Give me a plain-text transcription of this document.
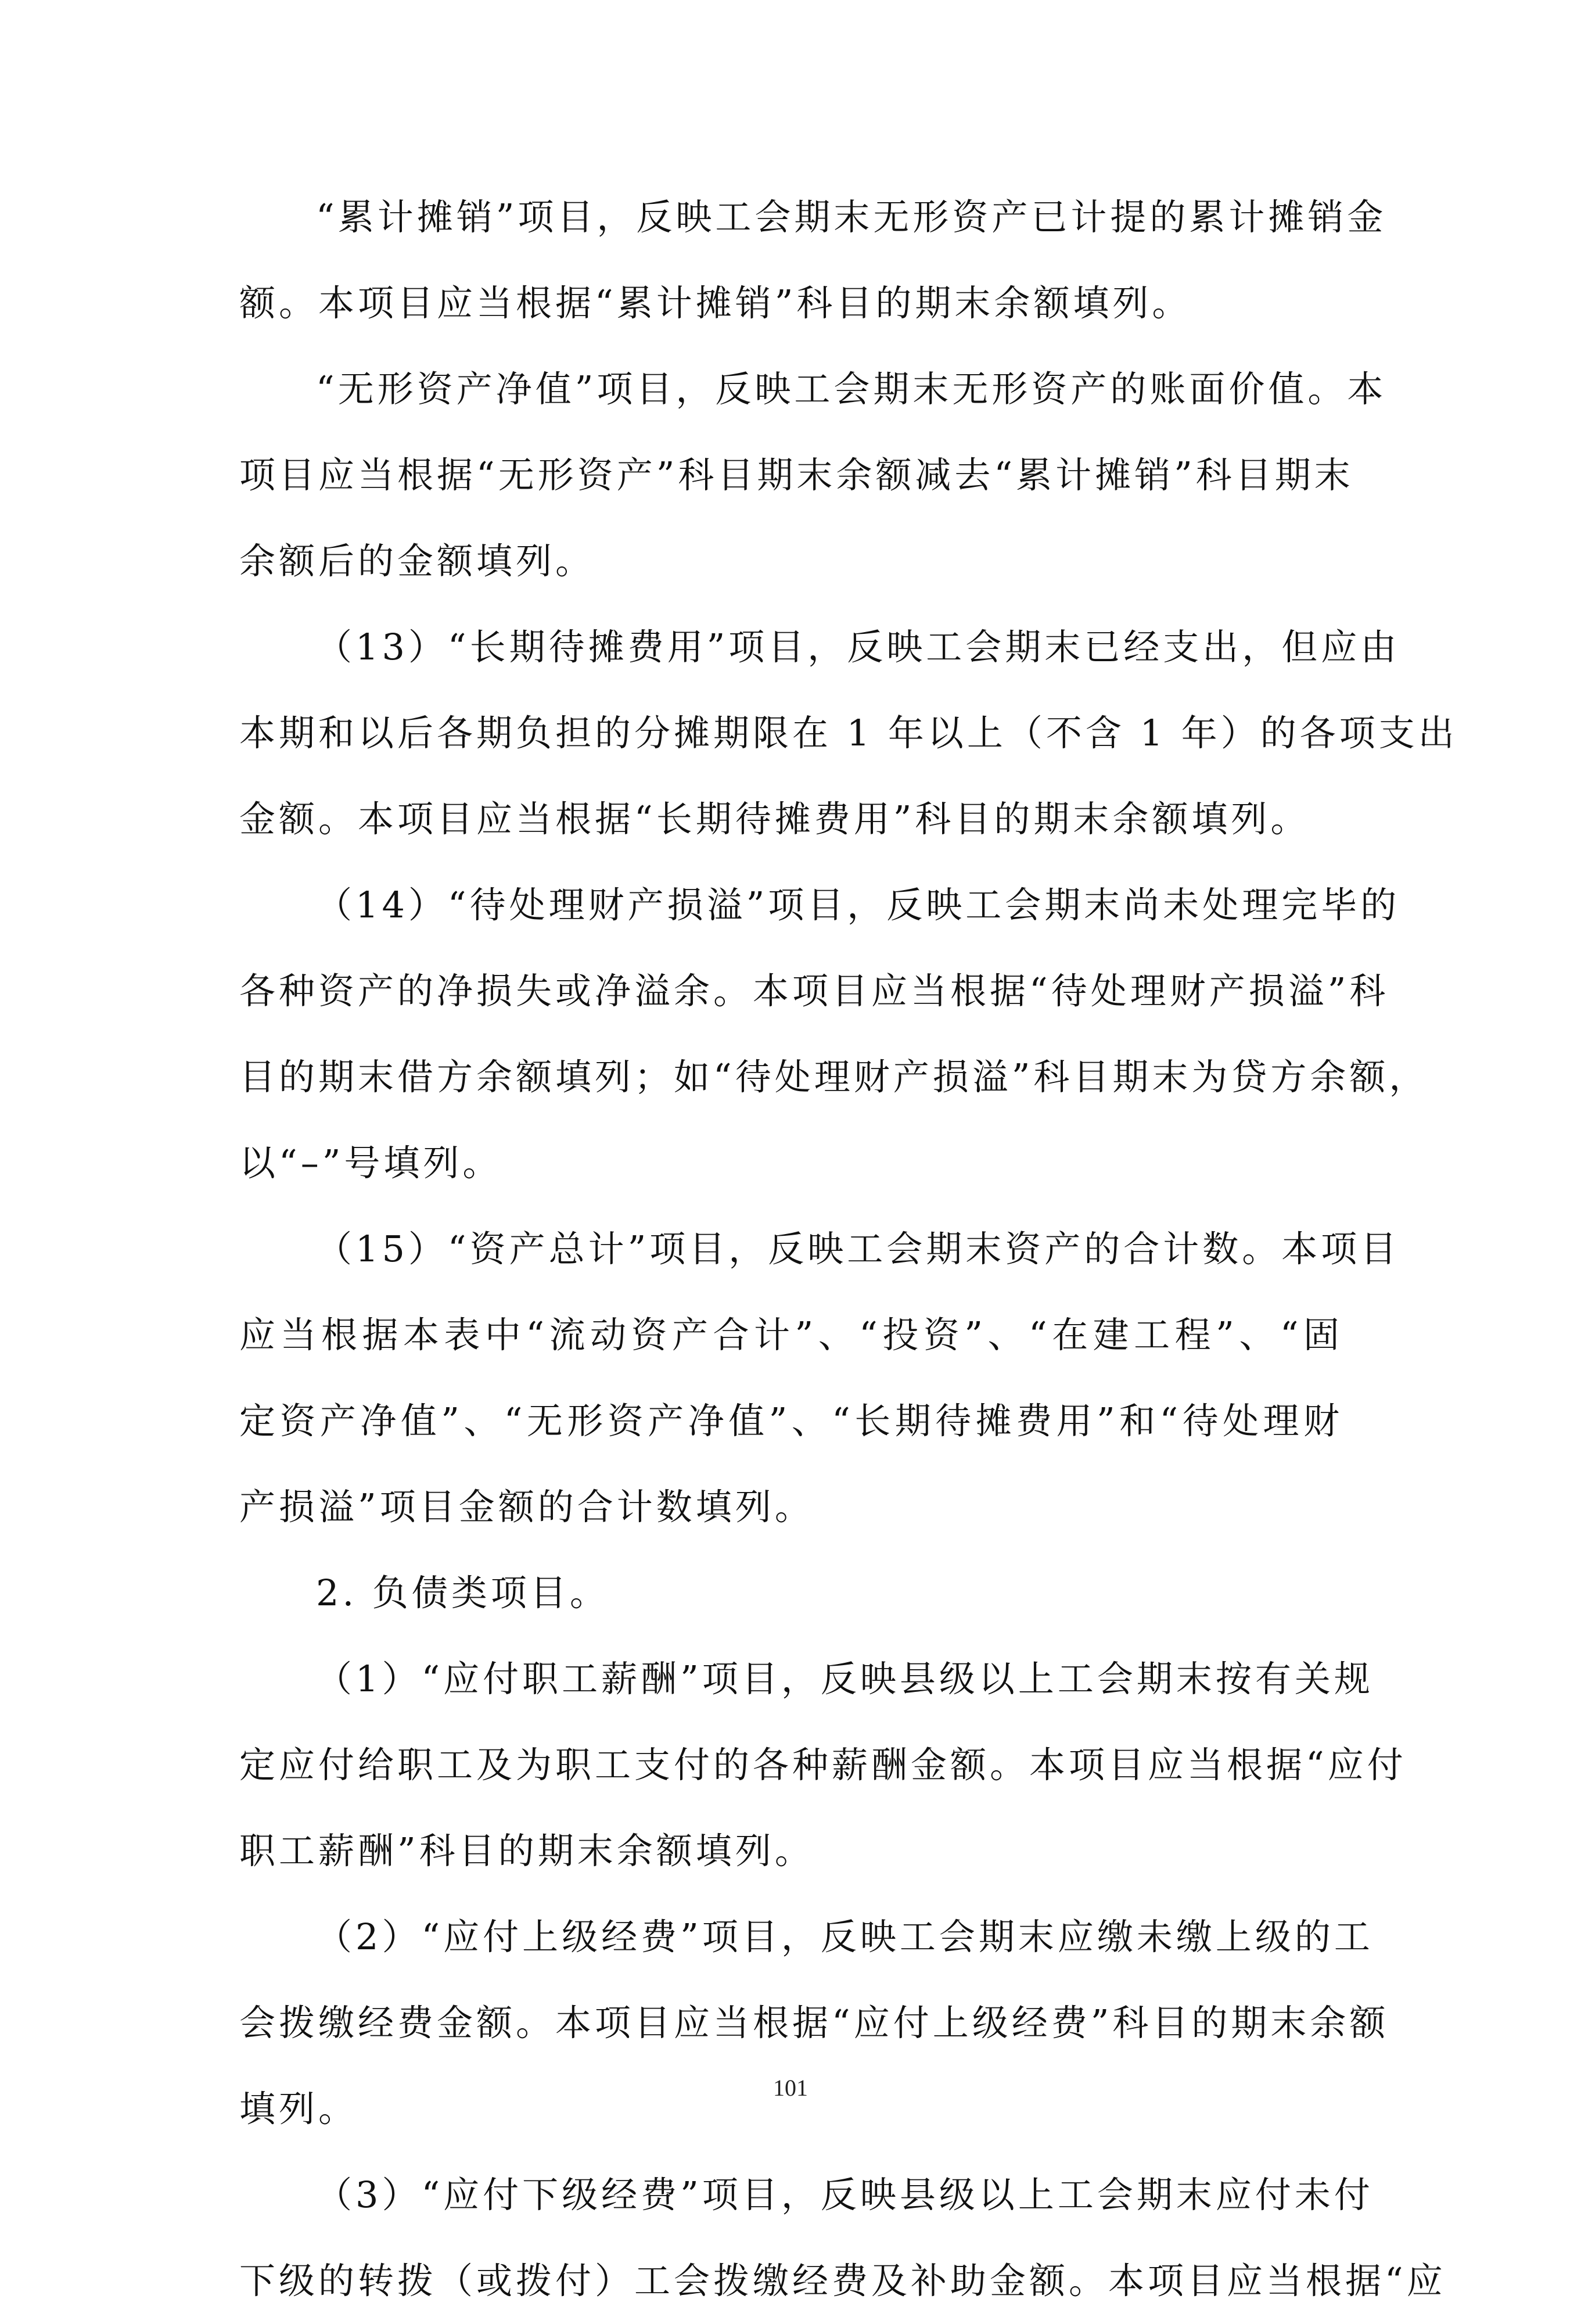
“累计摊销”项目，反映工会期末无形资产已计提的累计摊销金
额。本项目应当根据“累计摊销”科目的期末余额填列。
“无形资产净值”项目，反映工会期末无形资产的账面价值。本
项目应当根据“无形资产”科目期末余额减去“累计摊销”科目期末
余额后的金额填列。
（13）“长期待摊费用”项目，反映工会期末已经支出，但应由
本期和以后各期负担的分摊期限在 1 年以上（不含 1 年）的各项支出
金额。本项目应当根据“长期待摊费用”科目的期末余额填列。
（14）“待处理财产损溢”项目，反映工会期末尚未处理完毕的
各种资产的净损失或净溢余。本项目应当根据“待处理财产损溢”科
目的期末借方余额填列；如“待处理财产损溢”科目期末为贷方余额，
以“–”号填列。
（15）“资产总计”项目，反映工会期末资产的合计数。本项目
应当根据本表中“流动资产合计”、“投资”、“在建工程”、“固
定资产净值”、“无形资产净值”、“长期待摊费用”和“待处理财
产损溢”项目金额的合计数填列。
2. 负债类项目。
（1）“应付职工薪酬”项目，反映县级以上工会期末按有关规
定应付给职工及为职工支付的各种薪酬金额。本项目应当根据“应付
职工薪酬”科目的期末余额填列。
（2）“应付上级经费”项目，反映工会期末应缴未缴上级的工
会拨缴经费金额。本项目应当根据“应付上级经费”科目的期末余额
填列。
（3）“应付下级经费”项目，反映县级以上工会期末应付未付
下级的转拨（或拨付）工会拨缴经费及补助金额。本项目应当根据“应
101
